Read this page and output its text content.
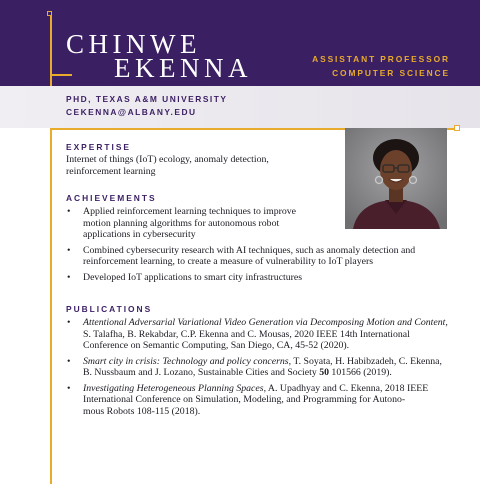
CHINWE
EKENNA	ASSISTANT PROFESSOR
COMPUTER SCIENCE
PHD, TEXAS A&M UNIVERSITY
CEKENNA@ALBANY.EDU
EXPERTISE
Internet of things (IoT) ecology, anomaly detection,
reinforcement learning
ACHIEVEMENTS
• Applied reinforcement learning techniques to improve
motion planning algorithms for autonomous robot
applications in cybersecurity
• Combined cybersecurity research with AI techniques, such as anomaly detection and
reinforcement learning, to create a measure of vulnerability to IoT players
• Developed IoT applications to smart city infrastructures
PUBLICATIONS
• Attentional Adversarial Variational Video Generation via Decomposing Motion and Content,
S. Talafha, B. Rekabdar, C.P. Ekenna and C. Mousas, 2020 IEEE 14th International
Conference on Semantic Computing, San Diego, CA, 45-52 (2020).
• Smart city in crisis: Technology and policy concerns, T. Soyata, H. Habibzadeh, C. Ekenna,
B. Nussbaum and J. Lozano, Sustainable Cities and Society 50 101566 (2019).
• Investigating Heterogeneous Planning Spaces, A. Upadhyay and C. Ekenna, 2018 IEEE
International Conference on Simulation, Modeling, and Programming for Autono-
mous Robots 108-115 (2018).
